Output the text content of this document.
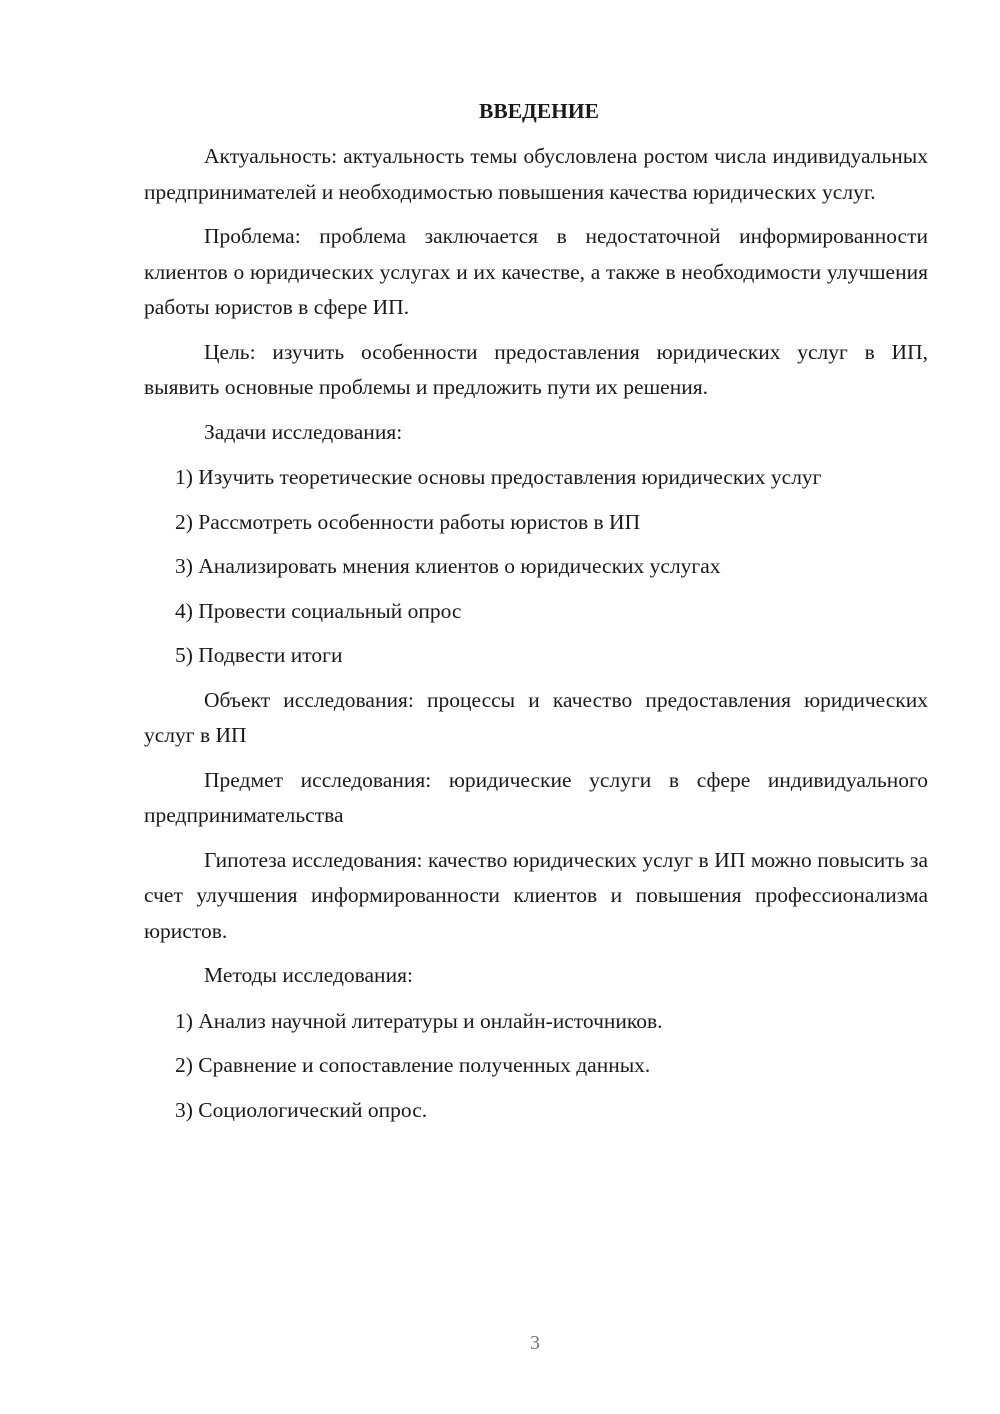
ВВЕДЕНИЕ

Актуальность: актуальность темы обусловлена ростом числа индивидуальных предпринимателей и необходимостью повышения качества юридических услуг.

Проблема: проблема заключается в недостаточной информированности клиентов о юридических услугах и их качестве, а также в необходимости улучшения работы юристов в сфере ИП.

Цель: изучить особенности предоставления юридических услуг в ИП, выявить основные проблемы и предложить пути их решения.

Задачи исследования:

1) Изучить теоретические основы предоставления юридических услуг

2) Рассмотреть особенности работы юристов в ИП

3) Анализировать мнения клиентов о юридических услугах

4) Провести социальный опрос

5) Подвести итоги

Объект исследования: процессы и качество предоставления юридических услуг в ИП

Предмет исследования: юридические услуги в сфере индивидуального предпринимательства

Гипотеза исследования: качество юридических услуг в ИП можно повысить за счет улучшения информированности клиентов и повышения профессионализма юристов.

Методы исследования:

1) Анализ научной литературы и онлайн-источников.

2) Сравнение и сопоставление полученных данных.

3) Социологический опрос.

3
